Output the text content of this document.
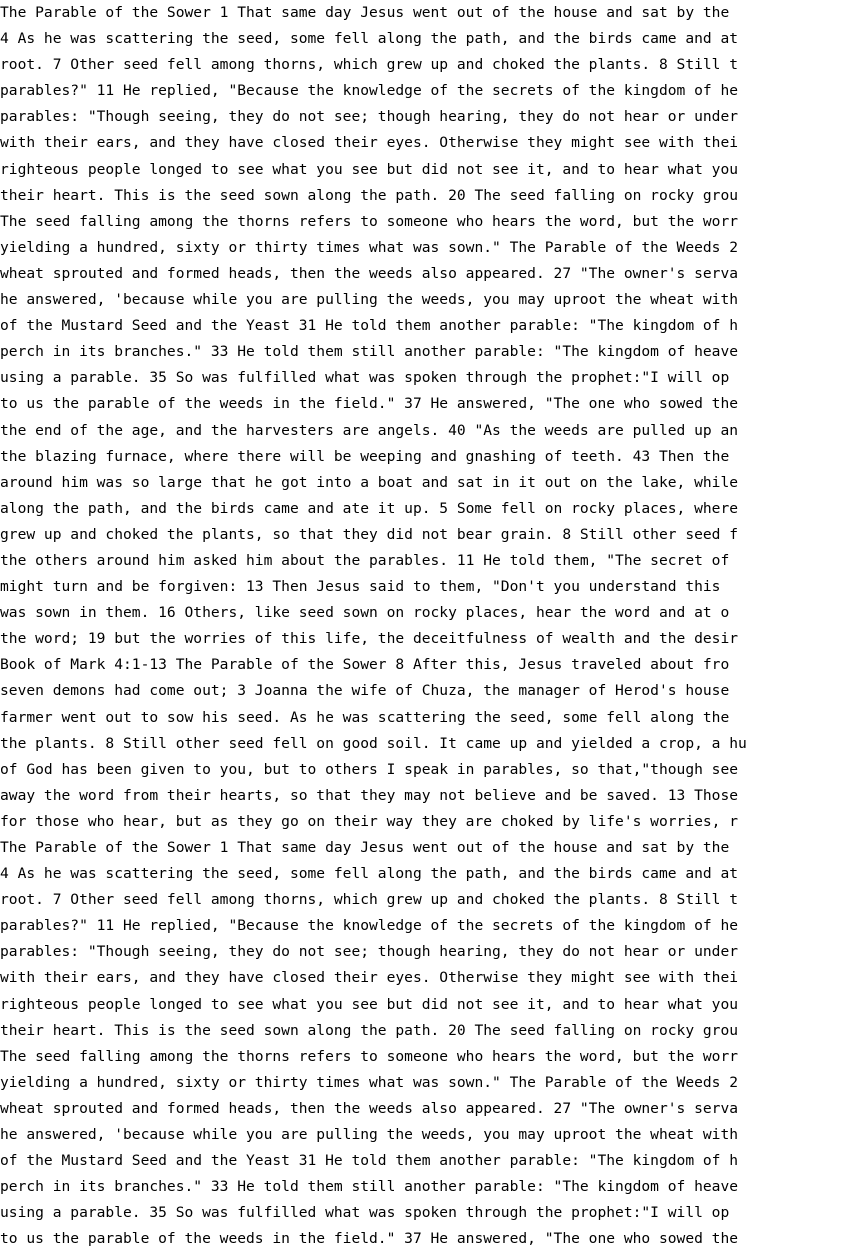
The Parable of the Sower 1 That same day Jesus went out of the house and sat by the
4 As he was scattering the seed, some fell along the path, and the birds came and at
root. 7 Other seed fell among thorns, which grew up and choked the plants. 8 Still t
parables?" 11 He replied, "Because the knowledge of the secrets of the kingdom of he
parables: "Though seeing, they do not see; though hearing, they do not hear or under
with their ears, and they have closed their eyes. Otherwise they might see with thei
righteous people longed to see what you see but did not see it, and to hear what you
their heart. This is the seed sown along the path. 20 The seed falling on rocky grou
The seed falling among the thorns refers to someone who hears the word, but the worr
yielding a hundred, sixty or thirty times what was sown." The Parable of the Weeds 2
wheat sprouted and formed heads, then the weeds also appeared. 27 "The owner's serva
he answered, 'because while you are pulling the weeds, you may uproot the wheat with
of the Mustard Seed and the Yeast 31 He told them another parable: "The kingdom of h
perch in its branches." 33 He told them still another parable: "The kingdom of heave
using a parable. 35 So was fulfilled what was spoken through the prophet:"I will op
to us the parable of the weeds in the field." 37 He answered, "The one who sowed the
the end of the age, and the harvesters are angels. 40 "As the weeds are pulled up an
the blazing furnace, where there will be weeping and gnashing of teeth. 43 Then the
around him was so large that he got into a boat and sat in it out on the lake, while
along the path, and the birds came and ate it up. 5 Some fell on rocky places, where
grew up and choked the plants, so that they did not bear grain. 8 Still other seed f
the others around him asked him about the parables. 11 He told them, "The secret of
might turn and be forgiven: 13 Then Jesus said to them, "Don't you understand this
was sown in them. 16 Others, like seed sown on rocky places, hear the word and at o
the word; 19 but the worries of this life, the deceitfulness of wealth and the desir
Book of Mark 4:1-13 The Parable of the Sower 8 After this, Jesus traveled about fro
seven demons had come out; 3 Joanna the wife of Chuza, the manager of Herod's house
farmer went out to sow his seed. As he was scattering the seed, some fell along the
the plants. 8 Still other seed fell on good soil. It came up and yielded a crop, a hu
of God has been given to you, but to others I speak in parables, so that,"though see
away the word from their hearts, so that they may not believe and be saved. 13 Those
for those who hear, but as they go on their way they are choked by life's worries, r
The Parable of the Sower 1 That same day Jesus went out of the house and sat by the
4 As he was scattering the seed, some fell along the path, and the birds came and at
root. 7 Other seed fell among thorns, which grew up and choked the plants. 8 Still t
parables?" 11 He replied, "Because the knowledge of the secrets of the kingdom of he
parables: "Though seeing, they do not see; though hearing, they do not hear or under
with their ears, and they have closed their eyes. Otherwise they might see with thei
righteous people longed to see what you see but did not see it, and to hear what you
their heart. This is the seed sown along the path. 20 The seed falling on rocky grou
The seed falling among the thorns refers to someone who hears the word, but the worr
yielding a hundred, sixty or thirty times what was sown." The Parable of the Weeds 2
wheat sprouted and formed heads, then the weeds also appeared. 27 "The owner's serva
he answered, 'because while you are pulling the weeds, you may uproot the wheat with
of the Mustard Seed and the Yeast 31 He told them another parable: "The kingdom of h
perch in its branches." 33 He told them still another parable: "The kingdom of heave
using a parable. 35 So was fulfilled what was spoken through the prophet:"I will op
to us the parable of the weeds in the field." 37 He answered, "The one who sowed the
